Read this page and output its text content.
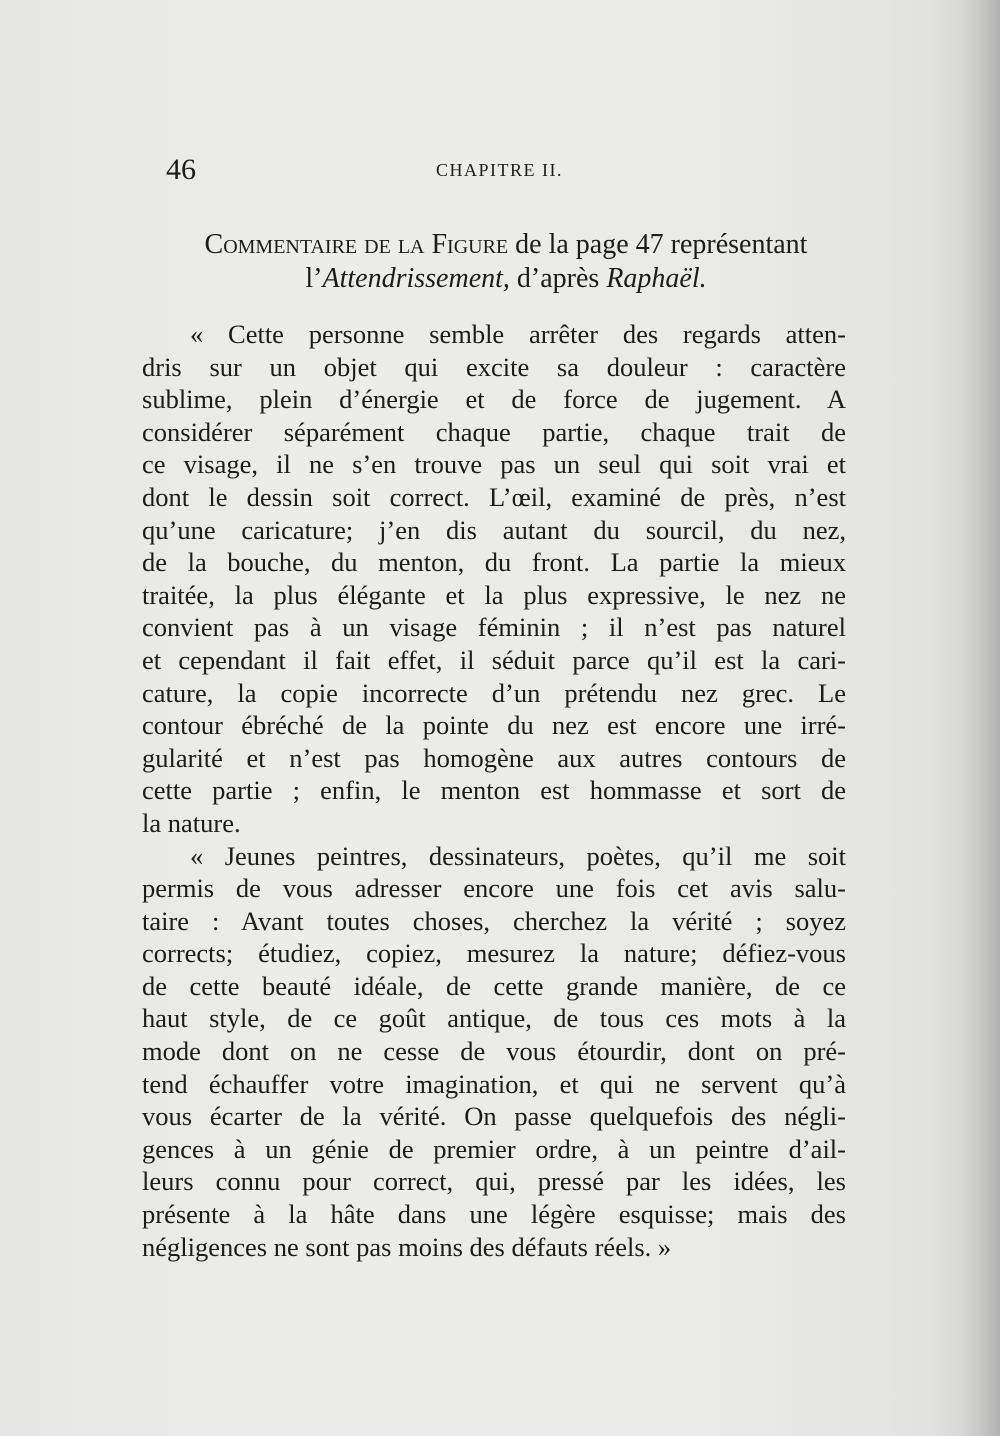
46	CHAPITRE II.
Commentaire de la Figure de la page 47 représentant
l’Attendrissement, d’après Raphaël.
« Cette personne semble arrêter des regards atten-
dris sur un objet qui excite sa douleur : caractère
sublime, plein d’énergie et de force de jugement. A
considérer séparément chaque partie, chaque trait de
ce visage, il ne s’en trouve pas un seul qui soit vrai et
dont le dessin soit correct. L’œil, examiné de près, n’est
qu’une caricature; j’en dis autant du sourcil, du nez,
de la bouche, du menton, du front. La partie la mieux
traitée, la plus élégante et la plus expressive, le nez ne
convient pas à un visage féminin ; il n’est pas naturel
et cependant il fait effet, il séduit parce qu’il est la cari-
cature, la copie incorrecte d’un prétendu nez grec. Le
contour ébréché de la pointe du nez est encore une irré-
gularité et n’est pas homogène aux autres contours de
cette partie ; enfin, le menton est hommasse et sort de
la nature.
« Jeunes peintres, dessinateurs, poètes, qu’il me soit
permis de vous adresser encore une fois cet avis salu-
taire : Avant toutes choses, cherchez la vérité ; soyez
corrects; étudiez, copiez, mesurez la nature; défiez-vous
de cette beauté idéale, de cette grande manière, de ce
haut style, de ce goût antique, de tous ces mots à la
mode dont on ne cesse de vous étourdir, dont on pré-
tend échauffer votre imagination, et qui ne servent qu’à
vous écarter de la vérité. On passe quelquefois des négli-
gences à un génie de premier ordre, à un peintre d’ail-
leurs connu pour correct, qui, pressé par les idées, les
présente à la hâte dans une légère esquisse; mais des
négligences ne sont pas moins des défauts réels. »
